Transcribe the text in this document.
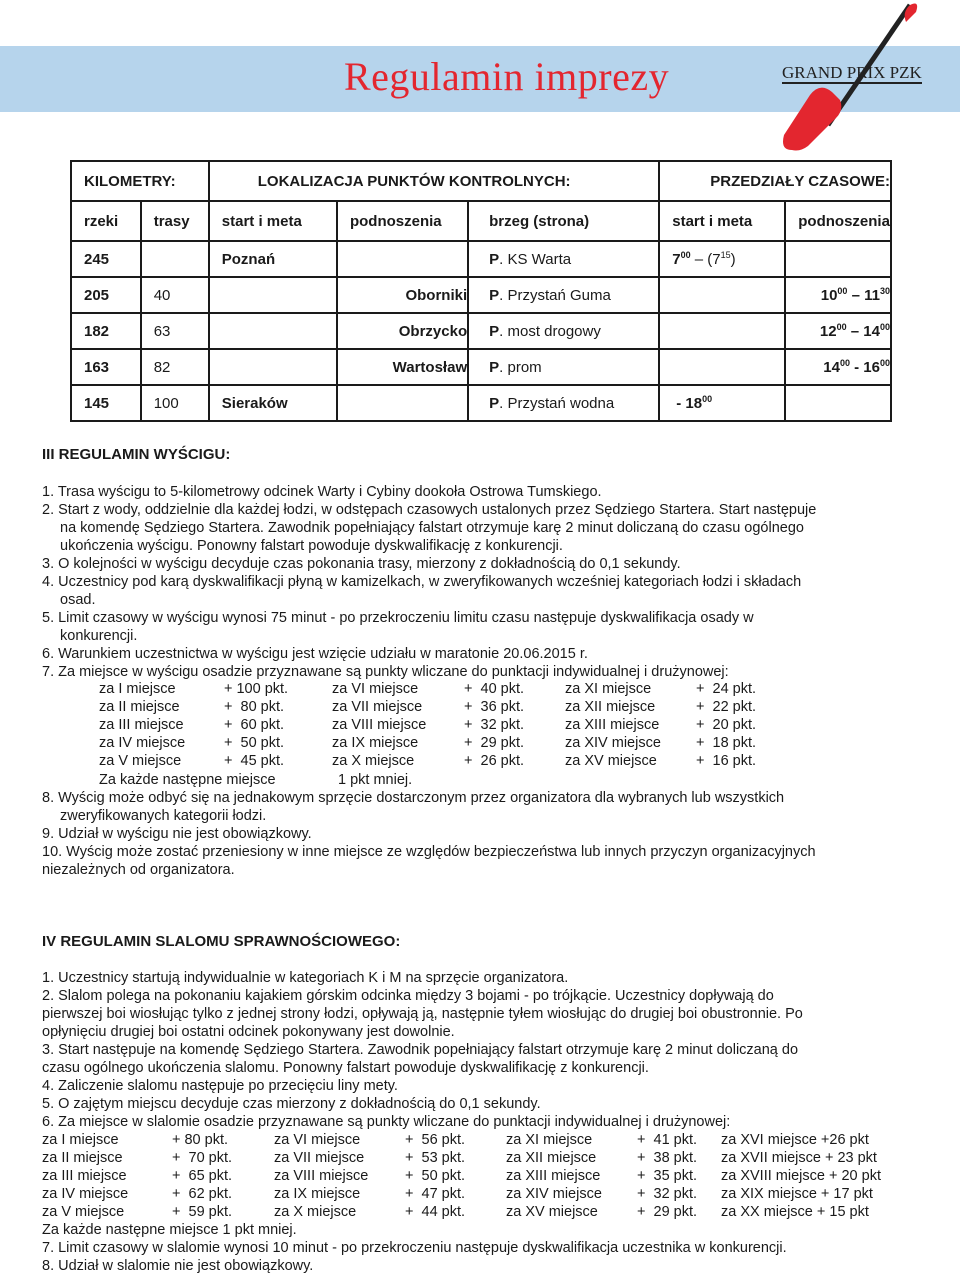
Regulamin imprezy	GRAND PRIX PZK
KILOMETRY:		LOKALIZACJA PUNKTÓW KONTROLNYCH:			PRZEDZIAŁY CZASOWE:	
rzeki	trasy	start i meta	podnoszenia	brzeg (strona)	start i meta	podnoszenia
245		Poznań		P. KS Warta	$7^{00} - (7^{15})$	
205	40		Oborniki	P. Przystań Guma		$10^{00} - 11^{30}$
182	63		Obrzycko	P. most drogowy		$12^{00} - 14^{00}$
163	82		Wartosław	P. prom		$14^{00} - 16^{00}$
145	100	Sieraków		P. Przystań wodna	- $18^{00}$	
III REGULAMIN WYŚCIGU:

1. Trasa wyścigu to 5-kilometrowy odcinek Warty i Cybiny dookoła Ostrowa Tumskiego.

2. Start z wody, oddzielnie dla każdej łodzi, w odstępach czasowych ustalonych przez Sędziego Startera. Start następuje

na komendę Sędziego Startera. Zawodnik popełniający falstart otrzymuje karę 2 minut doliczaną do czasu ogólnego

ukończenia wyścigu. Ponowny falstart powoduje dyskwalifikację z konkurencji.

3. O kolejności w wyścigu decyduje czas pokonania trasy, mierzony z dokładnością do 0,1 sekundy.

4. Uczestnicy pod karą dyskwalifikacji płyną w kamizelkach, w zweryfikowanych wcześniej kategoriach łodzi i składach

osad.

5. Limit czasowy w wyścigu wynosi 75 minut - po przekroczeniu limitu czasu następuje dyskwalifikacja osady w

konkurencji.

6. Warunkiem uczestnictwa w wyścigu jest wzięcie udziału w maratonie 20.06.2015 r.

7. Za miejsce w wyścigu osadzie przyznawane są punkty wliczane do punktacji indywidualnej i drużynowej:

za I miejsce	+ 100 pkt.	za VI miejsce	+  40 pkt.	za XI miejsce	+  24 pkt.
za II miejsce	+  80 pkt.	za VII miejsce	+  36 pkt.	za XII miejsce	+  22 pkt.
za III miejsce	+  60 pkt.	za VIII miejsce	+  32 pkt.	za XIII miejsce	+  20 pkt.
za IV miejsce	+  50 pkt.	za IX miejsce	+  29 pkt.	za XIV miejsce +  18 pkt.
za V miejsce	+  45 pkt.	za X miejsce	+  26 pkt.	za XV miejsce	+  16 pkt.
Za każde następne miejsce	1 pkt mniej.

8. Wyścig może odbyć się na jednakowym sprzęcie dostarczonym przez organizatora dla wybranych lub wszystkich

zweryfikowanych kategorii łodzi.

9. Udział w wyścigu nie jest obowiązkowy.

10. Wyścig może zostać przeniesiony w inne miejsce ze względów bezpieczeństwa lub innych przyczyn organizacyjnych

niezależnych od organizatora.

IV REGULAMIN SLALOMU SPRAWNOŚCIOWEGO:

1. Uczestnicy startują indywidualnie w kategoriach K i M na sprzęcie organizatora.

2. Slalom polega na pokonaniu kajakiem górskim odcinka między 3 bojami - po trójkącie. Uczestnicy dopływają do

pierwszej boi wiosłując tylko z jednej strony łodzi, opływają ją, następnie tyłem wiosłując do drugiej boi obustronnie. Po

opłynięciu drugiej boi ostatni odcinek pokonywany jest dowolnie.

3. Start następuje na komendę Sędziego Startera. Zawodnik popełniający falstart otrzymuje karę 2 minut doliczaną do

czasu ogólnego ukończenia slalomu. Ponowny falstart powoduje dyskwalifikację z konkurencji.

4. Zaliczenie slalomu następuje po przecięciu liny mety.

5. O zajętym miejscu decyduje czas mierzony z dokładnością do 0,1 sekundy.

6. Za miejsce w slalomie osadzie przyznawane są punkty wliczane do punktacji indywidualnej i drużynowej:

za I miejsce	+ 80 pkt.	za VI miejsce	+  56 pkt.	za XI miejsce	+  41 pkt. za XVI miejsce +26 pkt
za II miejsce	+  70 pkt.	za VII miejsce	+  53 pkt.	za XII miejsce	+  38 pkt. za XVII miejsce + 23 pkt
za III miejsce	+  65 pkt.	za VIII miejsce	+  50 pkt.	za XIII miejsce	+  35 pkt. za XVIII miejsce + 20 pkt
za IV miejsce	+  62 pkt.	za IX miejsce	+  47 pkt.	za XIV miejsce +  32 pkt. za XIX miejsce + 17 pkt
za V miejsce	+  59 pkt.	za X miejsce	+  44 pkt.	za XV miejsce	+  29 pkt. za XX miejsce + 15 pkt

Za każde następne miejsce 1 pkt mniej.

7. Limit czasowy w slalomie wynosi 10 minut - po przekroczeniu następuje dyskwalifikacja uczestnika w konkurencji.

8. Udział w slalomie nie jest obowiązkowy.
